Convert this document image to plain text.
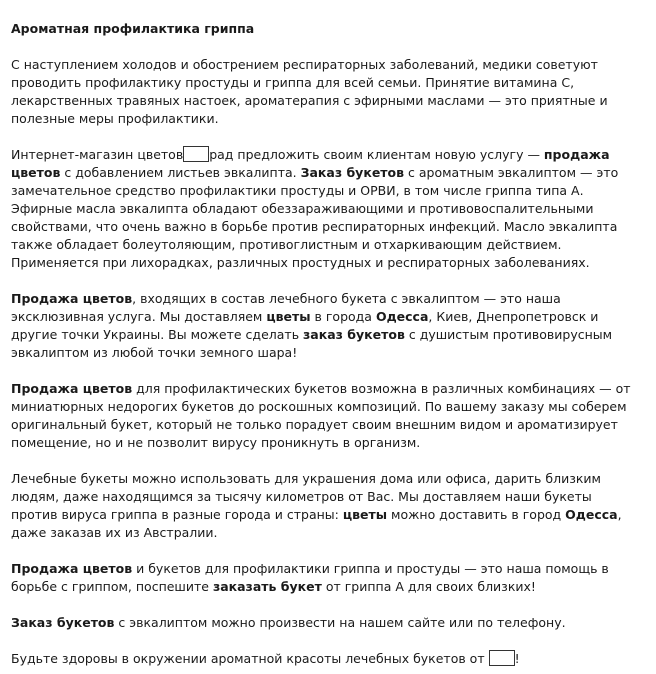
Ароматная профилактика гриппа

С наступлением холодов и обострением респираторных заболеваний, медики советуют проводить профилактику простуды и гриппа для всей семьи. Принятие витамина С, лекарственных травяных настоек, ароматерапия с эфирными маслами — это приятные и полезные меры профилактики.

Интернет-магазин цветов рад предложить своим клиентам новую услугу — продажа цветов с добавлением листьев эвкалипта. Заказ букетов с ароматным эвкалиптом — это замечательное средство профилактики простуды и ОРВИ, в том числе гриппа типа А. Эфирные масла эвкалипта обладают обеззараживающими и противовоспалительными свойствами, что очень важно в борьбе против респираторных инфекций. Масло эвкалипта также обладает болеутоляющим, противоглистным и отхаркивающим действием. Применяется при лихорадках, различных простудных и респираторных заболеваниях.

Продажа цветов, входящих в состав лечебного букета с эвкалиптом — это наша эксклюзивная услуга. Мы доставляем цветы в города Одесса, Киев, Днепропетровск и другие точки Украины. Вы можете сделать заказ букетов с душистым противовирусным эвкалиптом из любой точки земного шара!

Продажа цветов для профилактических букетов возможна в различных комбинациях — от миниатюрных недорогих букетов до роскошных композиций. По вашему заказу мы соберем оригинальный букет, который не только порадует своим внешним видом и ароматизирует помещение, но и не позволит вирусу проникнуть в организм.

Лечебные букеты можно использовать для украшения дома или офиса, дарить близким людям, даже находящимся за тысячу километров от Вас. Мы доставляем наши букеты против вируса гриппа в разные города и страны: цветы можно доставить в город Одесса, даже заказав их из Австралии.

Продажа цветов и букетов для профилактики гриппа и простуды — это наша помощь в борьбе с гриппом, поспешите заказать букет от гриппа А для своих близких!

Заказ букетов с эвкалиптом можно произвести на нашем сайте или по телефону.

Будьте здоровы в окружении ароматной красоты лечебных букетов от !
